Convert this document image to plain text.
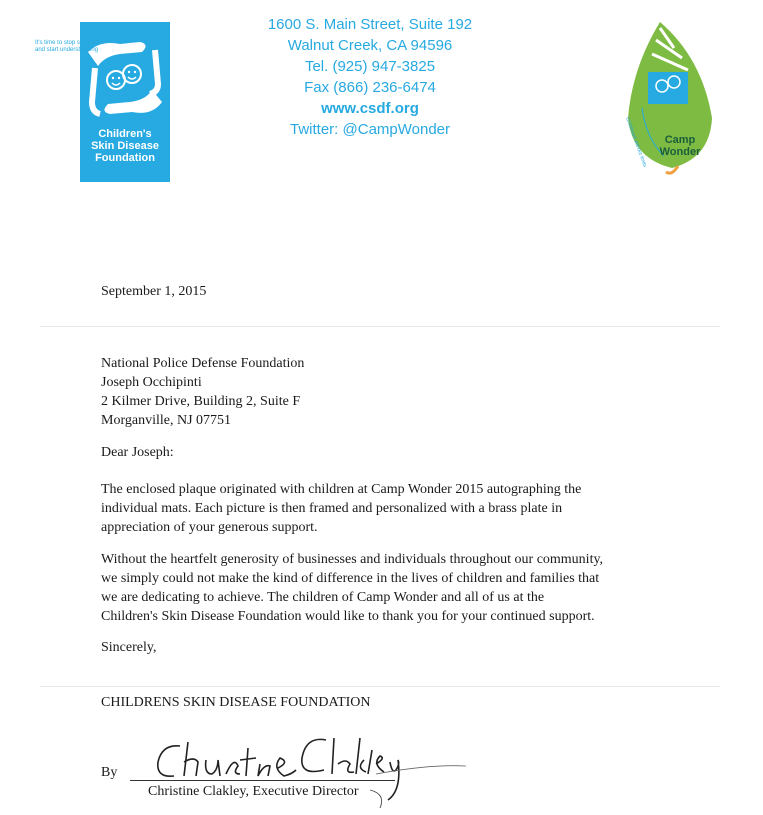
It's time to stop staring
and start understanding
Children's
Skin Disease
Foundation
1600 S. Main Street, Suite 192
Walnut Creek, CA 94596
Tel. (925) 947-3825
Fax (866) 236-6474
www.csdf.org
Twitter: @CampWonder	Childhood without limits	Camp
Wonder
September 1, 2015
National Police Defense Foundation
Joseph Occhipinti
2 Kilmer Drive, Building 2, Suite F
Morganville, NJ 07751
Dear Joseph:
The enclosed plaque originated with children at Camp Wonder 2015 autographing the
individual mats. Each picture is then framed and personalized with a brass plate in
appreciation of your generous support.
Without the heartfelt generosity of businesses and individuals throughout our community,
we simply could not make the kind of difference in the lives of children and families that
we are dedicating to achieve. The children of Camp Wonder and all of us at the
Children's Skin Disease Foundation would like to thank you for your continued support.
Sincerely,
CHILDRENS SKIN DISEASE FOUNDATION
By
Christine Clakley, Executive Director
